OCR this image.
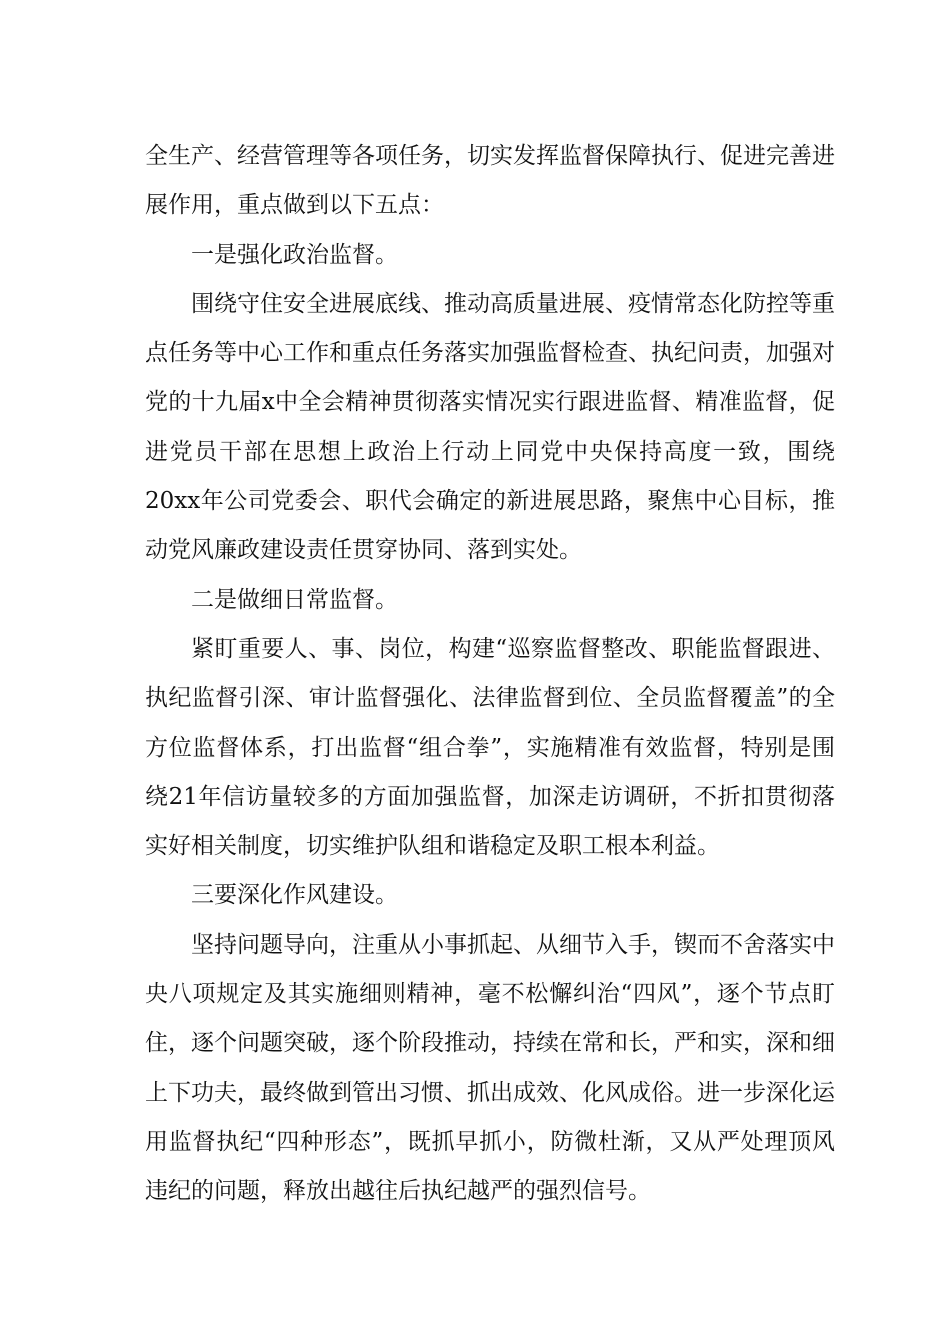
全生产、经营管理等各项任务，切实发挥监督保障执行、促进完善进展作用，重点做到以下五点：

一是强化政治监督。

围绕守住安全进展底线、推动高质量进展、疫情常态化防控等重点任务等中心工作和重点任务落实加强监督检查、执纪问责，加强对党的十九届x中全会精神贯彻落实情况实行跟进监督、精准监督，促进党员干部在思想上政治上行动上同党中央保持高度一致，围绕20xx年公司党委会、职代会确定的新进展思路，聚焦中心目标，推动党风廉政建设责任贯穿协同、落到实处。

二是做细日常监督。

紧盯重要人、事、岗位，构建“巡察监督整改、职能监督跟进、执纪监督引深、审计监督强化、法律监督到位、全员监督覆盖”的全方位监督体系，打出监督“组合拳”，实施精准有效监督，特别是围绕21年信访量较多的方面加强监督，加深走访调研，不折扣贯彻落实好相关制度，切实维护队组和谐稳定及职工根本利益。

三要深化作风建设。

坚持问题导向，注重从小事抓起、从细节入手，锲而不舍落实中央八项规定及其实施细则精神，毫不松懈纠治“四风”，逐个节点盯住，逐个问题突破，逐个阶段推动，持续在常和长，严和实，深和细上下功夫，最终做到管出习惯、抓出成效、化风成俗。进一步深化运用监督执纪“四种形态”，既抓早抓小，防微杜渐，又从严处理顶风违纪的问题，释放出越往后执纪越严的强烈信号。
